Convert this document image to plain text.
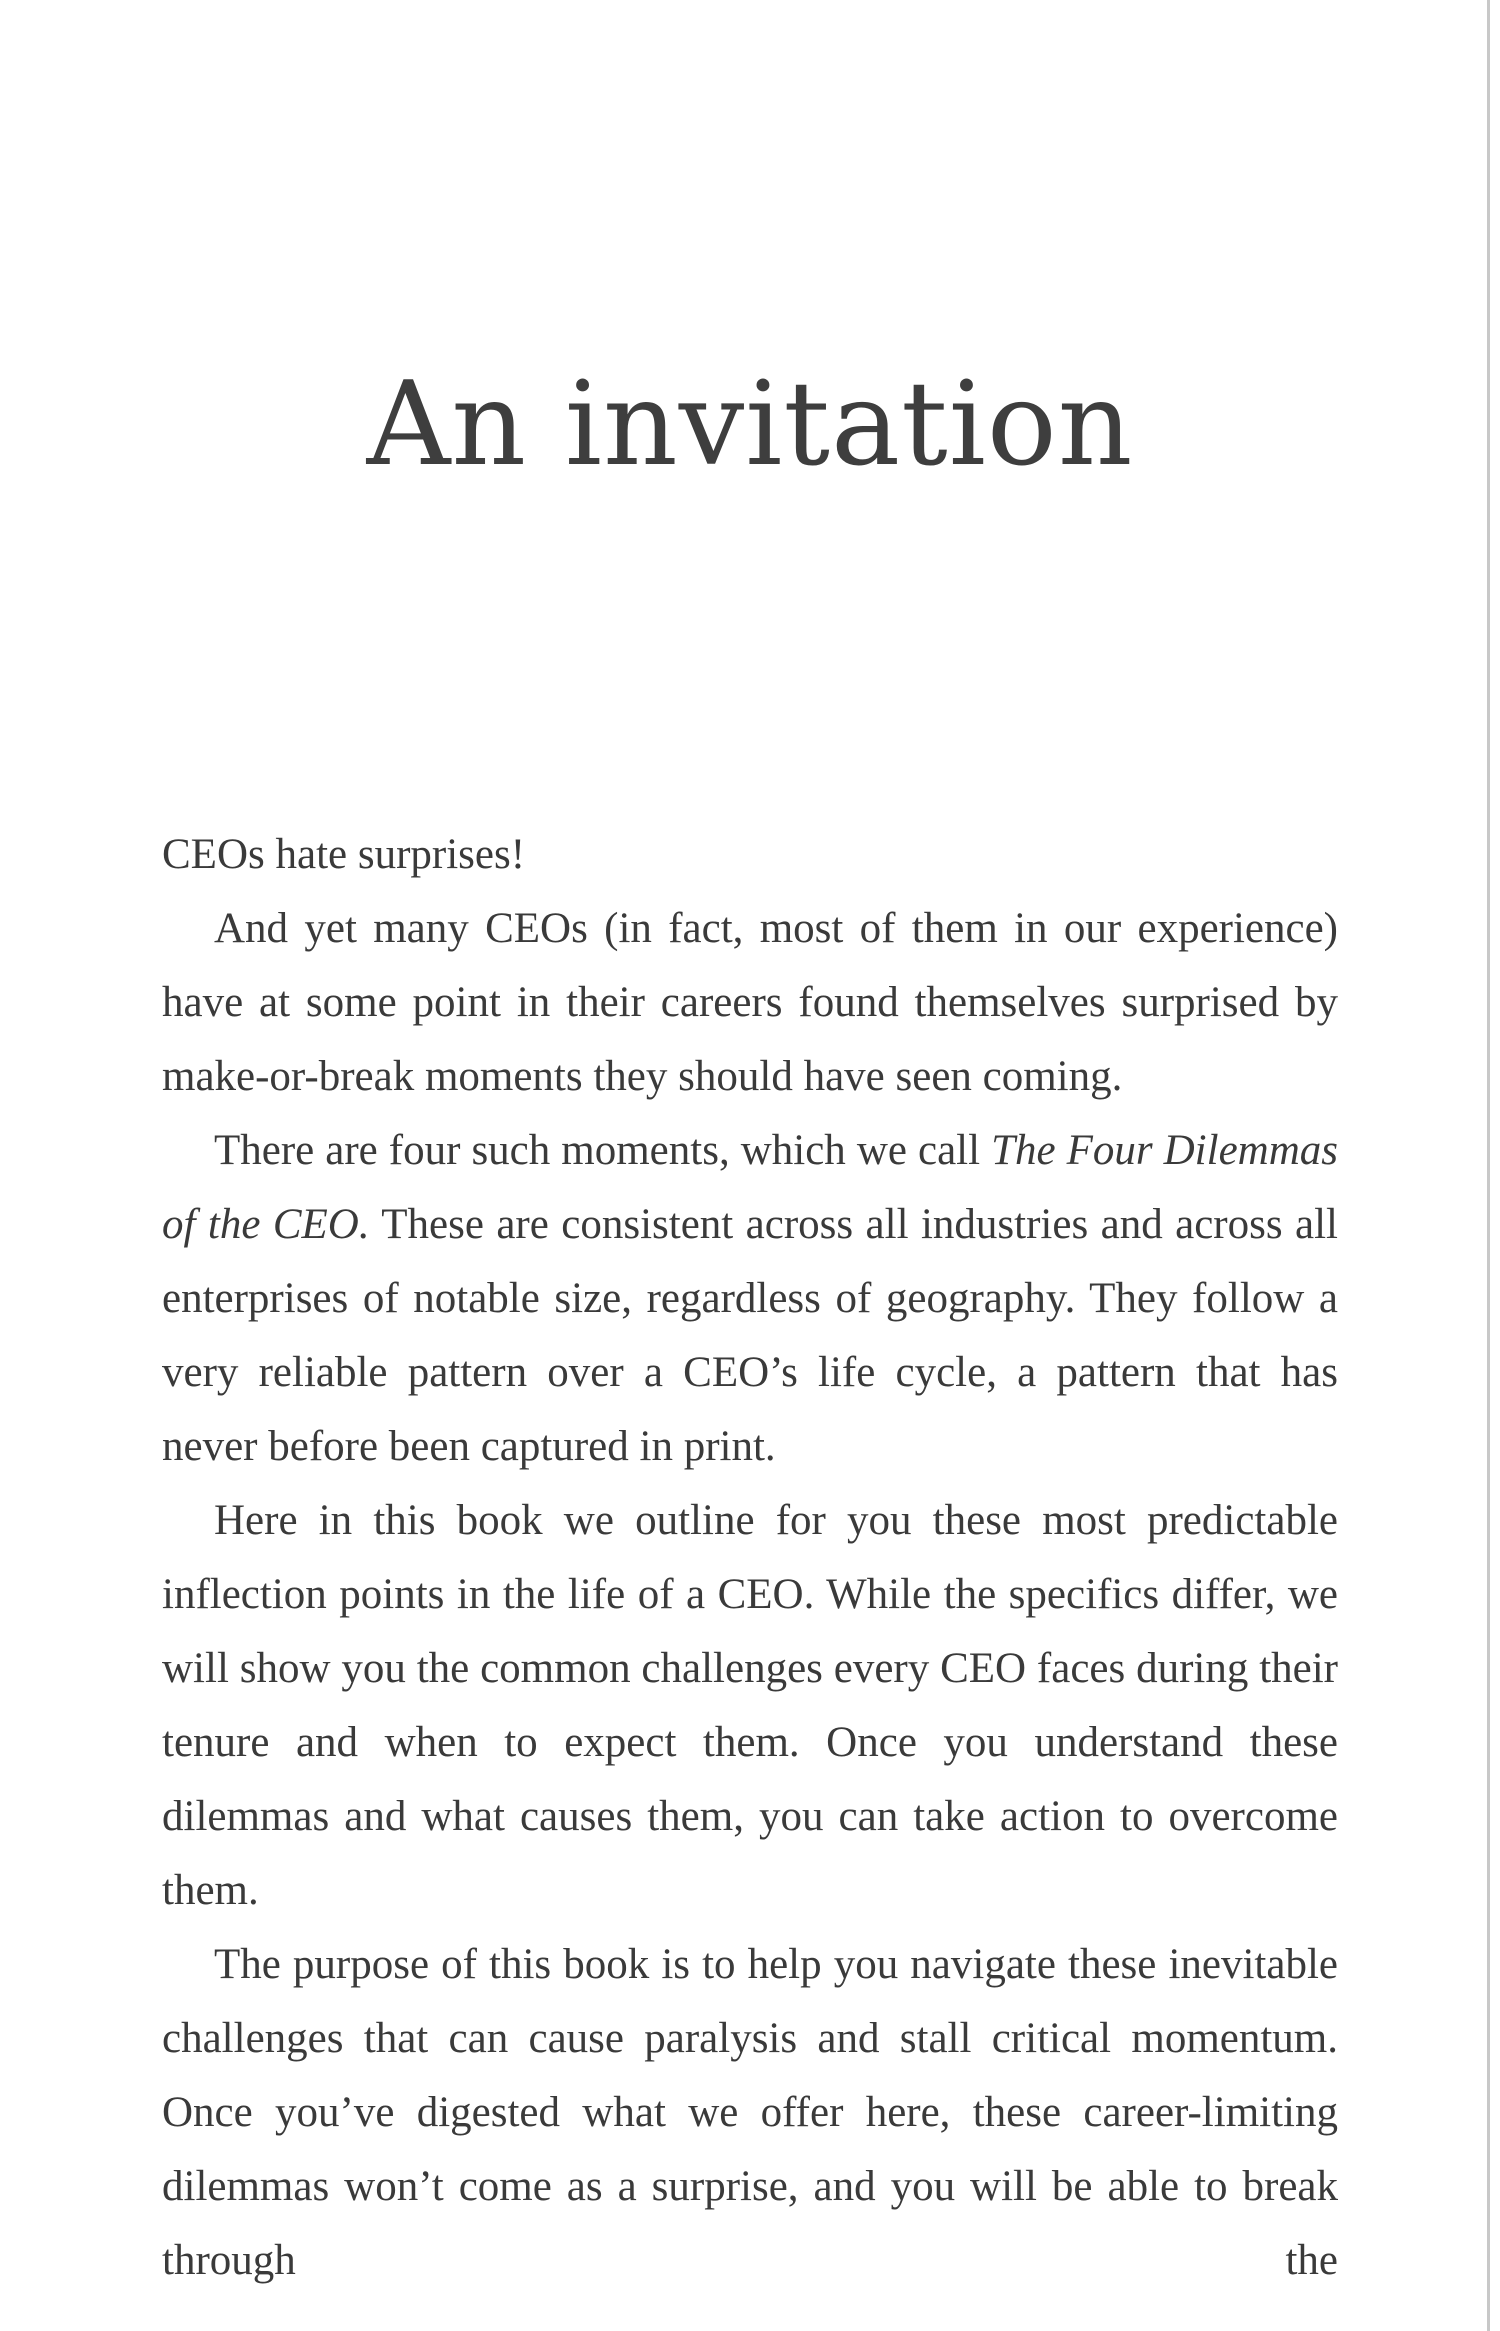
An invitation

CEOs hate surprises!

And yet many CEOs (in fact, most of them in our experience) have at some point in their careers found themselves surprised by make-or-break moments they should have seen coming.

There are four such moments, which we call The Four Dilemmas of the CEO. These are consistent across all industries and across all enterprises of notable size, regardless of geography. They follow a very reliable pattern over a CEO’s life cycle, a pattern that has never before been captured in print.

Here in this book we outline for you these most predictable inflection points in the life of a CEO. While the specifics differ, we will show you the common challenges every CEO faces during their tenure and when to expect them. Once you understand these dilemmas and what causes them, you can take action to overcome them.

The purpose of this book is to help you navigate these inevitable challenges that can cause paralysis and stall critical momentum. Once you’ve digested what we offer here, these career-limiting dilemmas won’t come as a surprise, and you will be able to break through the
